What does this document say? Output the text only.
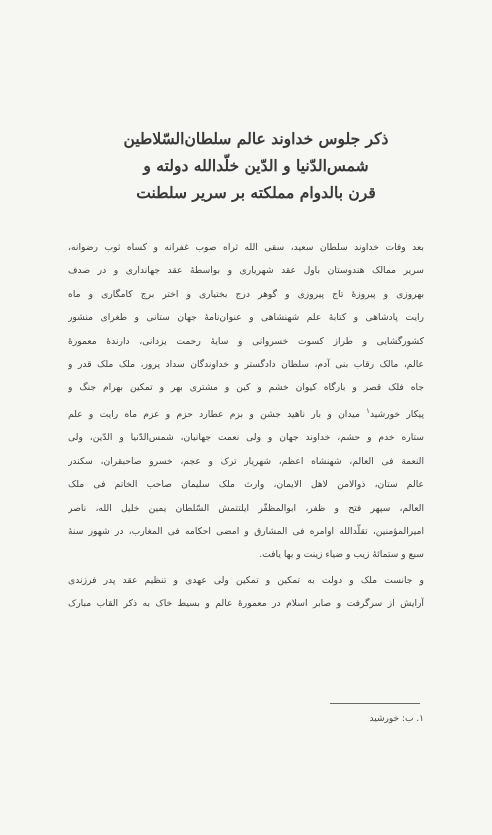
ذکر جلوس خداوند عالم سلطان‌السّلاطین
شمس‌الدّنیا و الدّین خلّدالله دولته و
قرن بالدوام مملکته بر سریر سلطنت

بعد وفات خداوند سلطان سعید، سقی الله ثراه صوب غفرانه و کساه ثوب رضوانه،
سریر ممالک هندوستان باول عقد شهریاری و بواسطهٔ عقد جهانداری و در صدف
بهروزی و پیروزهٔ تاج پیروزی و گوهر درج بختیاری و اختر برج کامگاری و ماه
رایت پادشاهی و کتابهٔ علم شهنشاهی و عنوان‌نامهٔ جهان ستانی و طغرای منشور
کشورگشایی و طراز کسوت خسروانی و سایهٔ رحمت یزدانی، دارندهٔ معمورهٔ
عالم، مالک رقاب بنی آدم، سلطان دادگستر و خداوندگان سداد پرور، ملک ملک قدر و
جاه فلک قصر و بارگاه کیوان خشم و کین و مشتری بهر و تمکین بهرام جنگ و
پیکار خورشید$^۱$ میدان و بار ناهید جشن و بزم عطارد حزم و عزم ماه رایت و علم
ستاره خدم و حشم، خداوند جهان و ولی نعمت جهانیان، شمس‌الدّنیا و الدّین، ولی
النعمة فی العالم، شهنشاه اعظم، شهریار ترک و عجم، خسرو صاحبقران، سکندر
عالم ستان، ذوالامن لاهل الایمان، وارث ملک سلیمان صاحب الخاتم فی ملک
العالم، سپهر فتح و ظفر، ابوالمظفّر ایلتتمش السّلطان یمین خلیل الله، ناصر
امیرالمؤمنین، تقلّدالله اوامره فی المشارق و امضی احکامه فی المغارب، در شهور سنهٔ
سبع و ستمائهٔ زیب و ضیاء زینت و بها یافت.

و جانست ملک و دولت به تمکین و تمکین ولی عهدی و تنظیم عقد پدر فرزندی
آرایش از سرگرفت و صابر اسلام در معمورهٔ عالم و بسیط خاک به ذکر القاب مبارک

۱. ب: خورشید
